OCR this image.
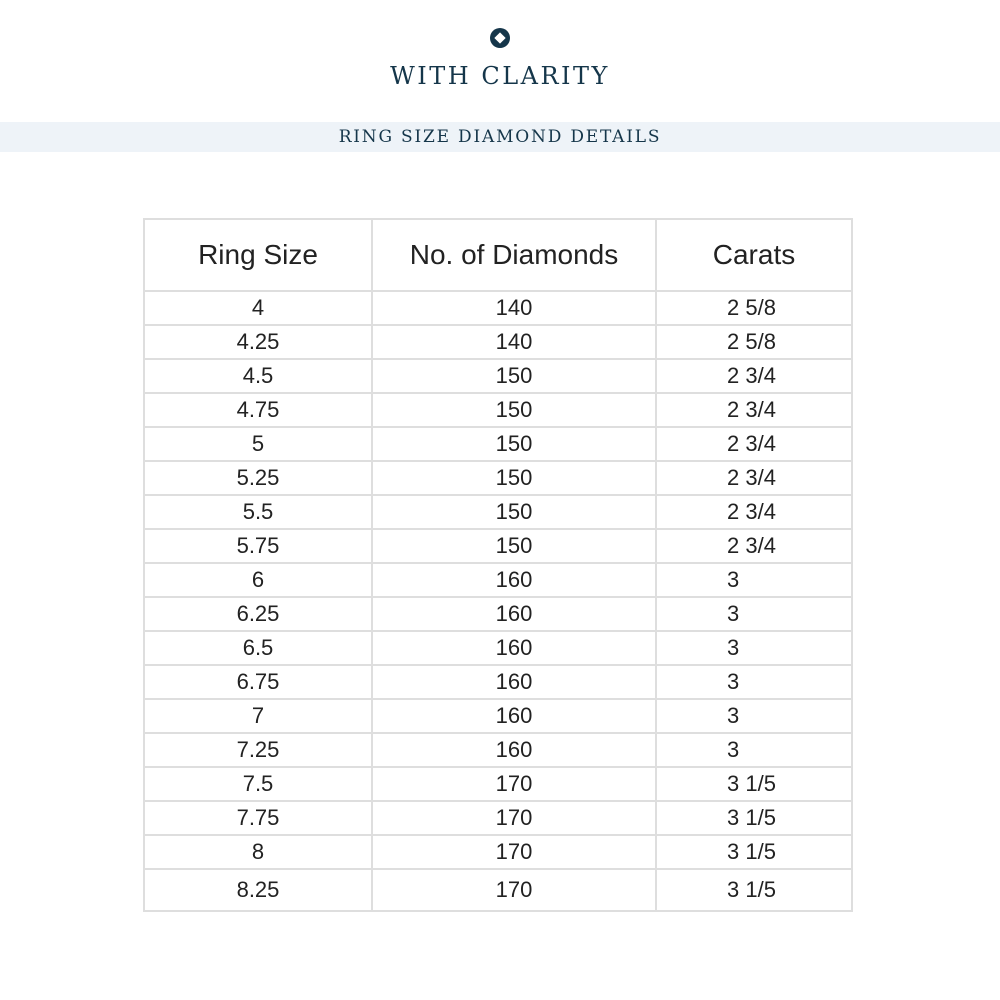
WITH CLARITY
RING SIZE DIAMOND DETAILS
Ring Size	No. of Diamonds	Carats
4	140	2 5/8
4.25	140	2 5/8
4.5	150	2 3/4
4.75	150	2 3/4
5	150	2 3/4
5.25	150	2 3/4
5.5	150	2 3/4
5.75	150	2 3/4
6	160	3
6.25	160	3
6.5	160	3
6.75	160	3
7	160	3
7.25	160	3
7.5	170	3 1/5
7.75	170	3 1/5
8	170	3 1/5
8.25	170	3 1/5
